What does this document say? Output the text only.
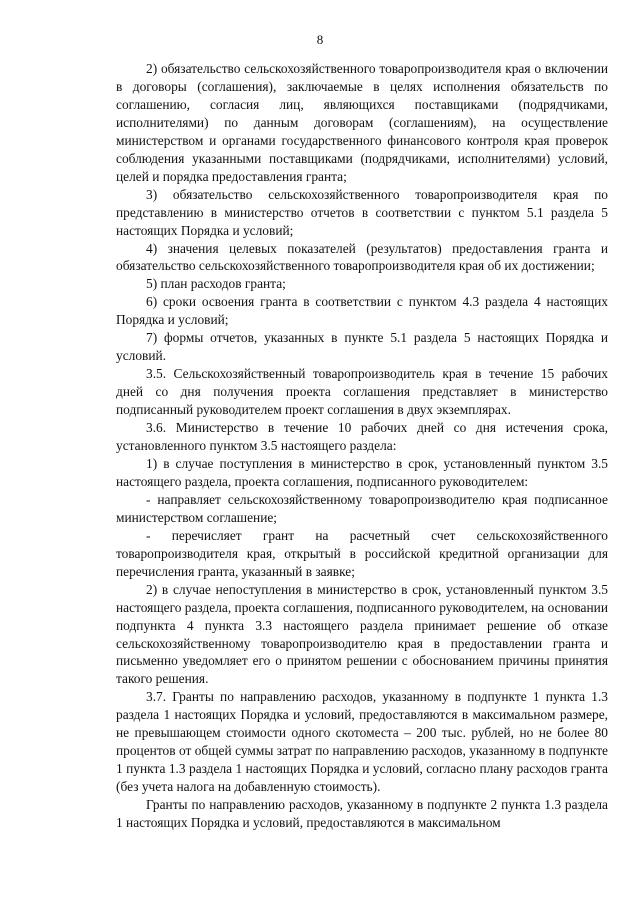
8

2) обязательство сельскохозяйственного товаропроизводителя края о включении в договоры (соглашения), заключаемые в целях исполнения обязательств по соглашению, согласия лиц, являющихся поставщиками (подрядчиками, исполнителями) по данным договорам (соглашениям), на осуществление министерством и органами государственного финансового контроля края проверок соблюдения указанными поставщиками (подрядчиками, исполнителями) условий, целей и порядка предоставления гранта;

3) обязательство сельскохозяйственного товаропроизводителя края по представлению в министерство отчетов в соответствии с пунктом 5.1 раздела 5 настоящих Порядка и условий;

4) значения целевых показателей (результатов) предоставления гранта и обязательство сельскохозяйственного товаропроизводителя края об их достижении;

5) план расходов гранта;

6) сроки освоения гранта в соответствии с пунктом 4.3 раздела 4 настоящих Порядка и условий;

7) формы отчетов, указанных в пункте 5.1 раздела 5 настоящих Порядка и условий.

3.5. Сельскохозяйственный товаропроизводитель края в течение 15 рабочих дней со дня получения проекта соглашения представляет в министерство подписанный руководителем проект соглашения в двух экземплярах.

3.6. Министерство в течение 10 рабочих дней со дня истечения срока, установленного пунктом 3.5 настоящего раздела:

1) в случае поступления в министерство в срок, установленный пунктом 3.5 настоящего раздела, проекта соглашения, подписанного руководителем:

- направляет сельскохозяйственному товаропроизводителю края подписанное министерством соглашение;

- перечисляет грант на расчетный счет сельскохозяйственного товаропроизводителя края, открытый в российской кредитной организации для перечисления гранта, указанный в заявке;

2) в случае непоступления в министерство в срок, установленный пунктом 3.5 настоящего раздела, проекта соглашения, подписанного руководителем, на основании подпункта 4 пункта 3.3 настоящего раздела принимает решение об отказе сельскохозяйственному товаропроизводителю края в предоставлении гранта и письменно уведомляет его о принятом решении с обоснованием причины принятия такого решения.

3.7. Гранты по направлению расходов, указанному в подпункте 1 пункта 1.3 раздела 1 настоящих Порядка и условий, предоставляются в максимальном размере, не превышающем стоимости одного скотоместа – 200 тыс. рублей, но не более 80 процентов от общей суммы затрат по направлению расходов, указанному в подпункте 1 пункта 1.3 раздела 1 настоящих Порядка и условий, согласно плану расходов гранта (без учета налога на добавленную стоимость).

Гранты по направлению расходов, указанному в подпункте 2 пункта 1.3 раздела 1 настоящих Порядка и условий, предоставляются в максимальном
